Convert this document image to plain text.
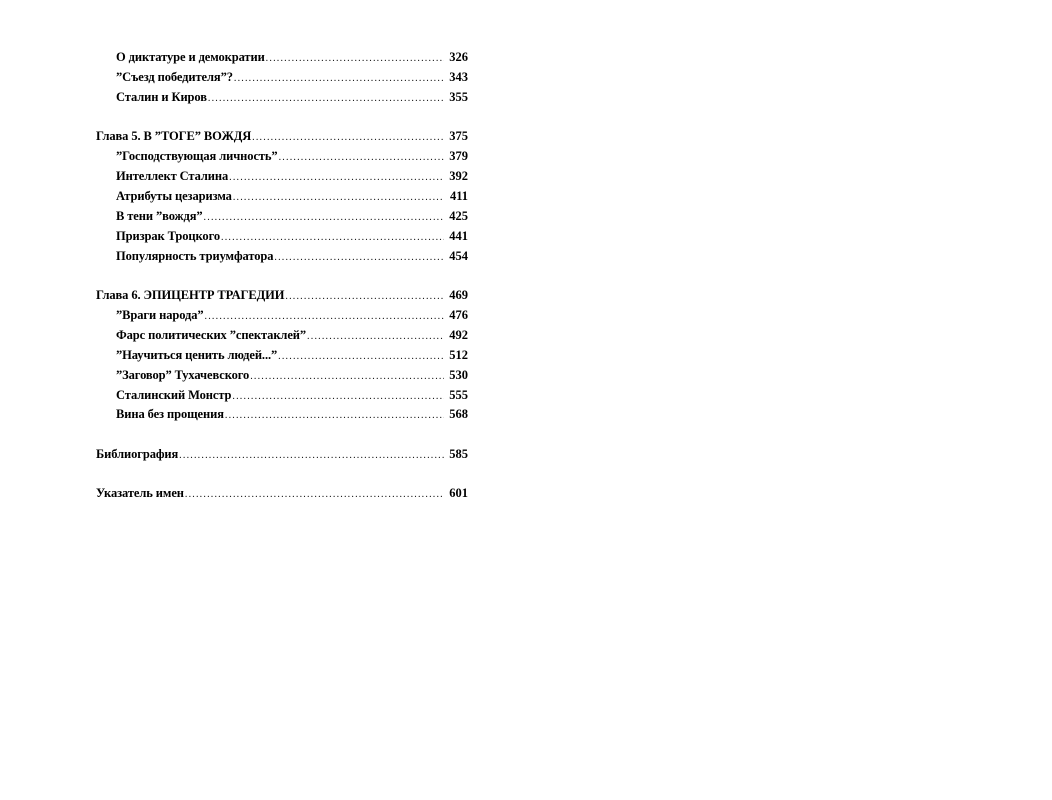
О диктатуре и демократии .....	326
”Съезд победителя”? .....	343
Сталин и Киров .....	355
Глава 5. В ”ТОГЕ” ВОЖДЯ .....	375
”Господствующая личность” .....	379
Интеллект Сталина .....	392
Атрибуты цезаризма .....	411
В тени ”вождя” .....	425
Призрак Троцкого .....	441
Популярность триумфатора .....	454
Глава 6. ЭПИЦЕНТР ТРАГЕДИИ .....	469
”Враги народа” .....	476
Фарс политических ”спектаклей” .....	492
”Научиться ценить людей...” .....	512
”Заговор” Тухачевского .....	530
Сталинский Монстр .....	555
Вина без прощения .....	568
Библиография .....	585
Указатель имен .....	601
